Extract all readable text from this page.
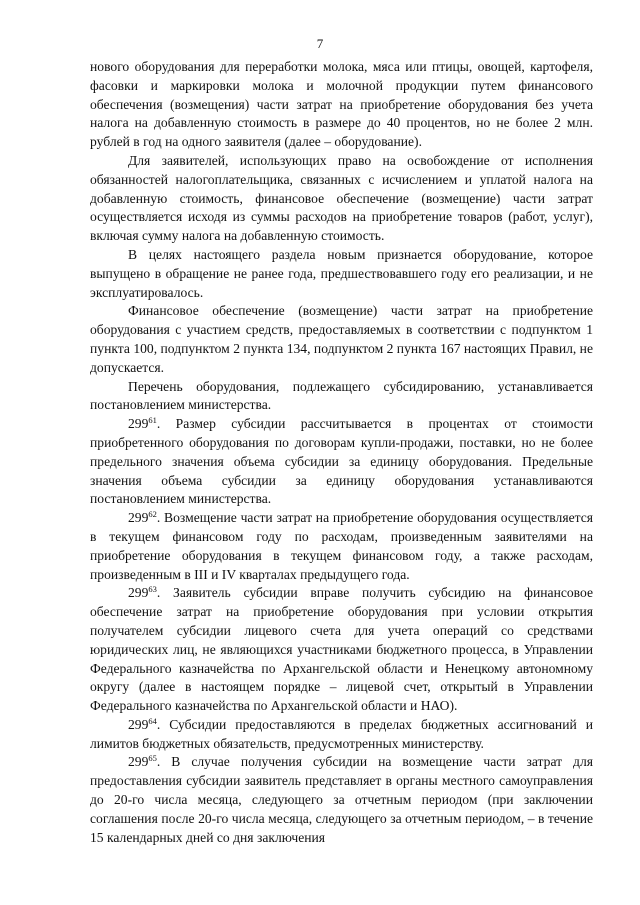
7

нового оборудования для переработки молока, мяса или птицы, овощей, картофеля, фасовки и маркировки молока и молочной продукции путем финансового обеспечения (возмещения) части затрат на приобретение оборудования без учета налога на добавленную стоимость в размере до 40 процентов, но не более 2 млн. рублей в год на одного заявителя (далее – оборудование).

Для заявителей, использующих право на освобождение от исполнения обязанностей налогоплательщика, связанных с исчислением и уплатой налога на добавленную стоимость, финансовое обеспечение (возмещение) части затрат осуществляется исходя из суммы расходов на приобретение товаров (работ, услуг), включая сумму налога на добавленную стоимость.

В целях настоящего раздела новым признается оборудование, которое выпущено в обращение не ранее года, предшествовавшего году его реализации, и не эксплуатировалось.

Финансовое обеспечение (возмещение) части затрат на приобретение оборудования с участием средств, предоставляемых в соответствии с подпунктом 1 пункта 100, подпунктом 2 пункта 134, подпунктом 2 пункта 167 настоящих Правил, не допускается.

Перечень оборудования, подлежащего субсидированию, устанавливается постановлением министерства.

$299^{61}$. Размер субсидии рассчитывается в процентах от стоимости приобретенного оборудования по договорам купли-продажи, поставки, но не более предельного значения объема субсидии за единицу оборудования. Предельные значения объема субсидии за единицу оборудования устанавливаются постановлением министерства.

$299^{62}$. Возмещение части затрат на приобретение оборудования осуществляется в текущем финансовом году по расходам, произведенным заявителями на приобретение оборудования в текущем финансовом году, а также расходам, произведенным в III и IV кварталах предыдущего года.

$299^{63}$. Заявитель субсидии вправе получить субсидию на финансовое обеспечение затрат на приобретение оборудования при условии открытия получателем субсидии лицевого счета для учета операций со средствами юридических лиц, не являющихся участниками бюджетного процесса, в Управлении Федерального казначейства по Архангельской области и Ненецкому автономному округу (далее в настоящем порядке – лицевой счет, открытый в Управлении Федерального казначейства по Архангельской области и НАО).

$299^{64}$. Субсидии предоставляются в пределах бюджетных ассигнований и лимитов бюджетных обязательств, предусмотренных министерству.

$299^{65}$. В случае получения субсидии на возмещение части затрат для предоставления субсидии заявитель представляет в органы местного самоуправления до 20-го числа месяца, следующего за отчетным периодом (при заключении соглашения после 20-го числа месяца, следующего за отчетным периодом, – в течение 15 календарных дней со дня заключения
